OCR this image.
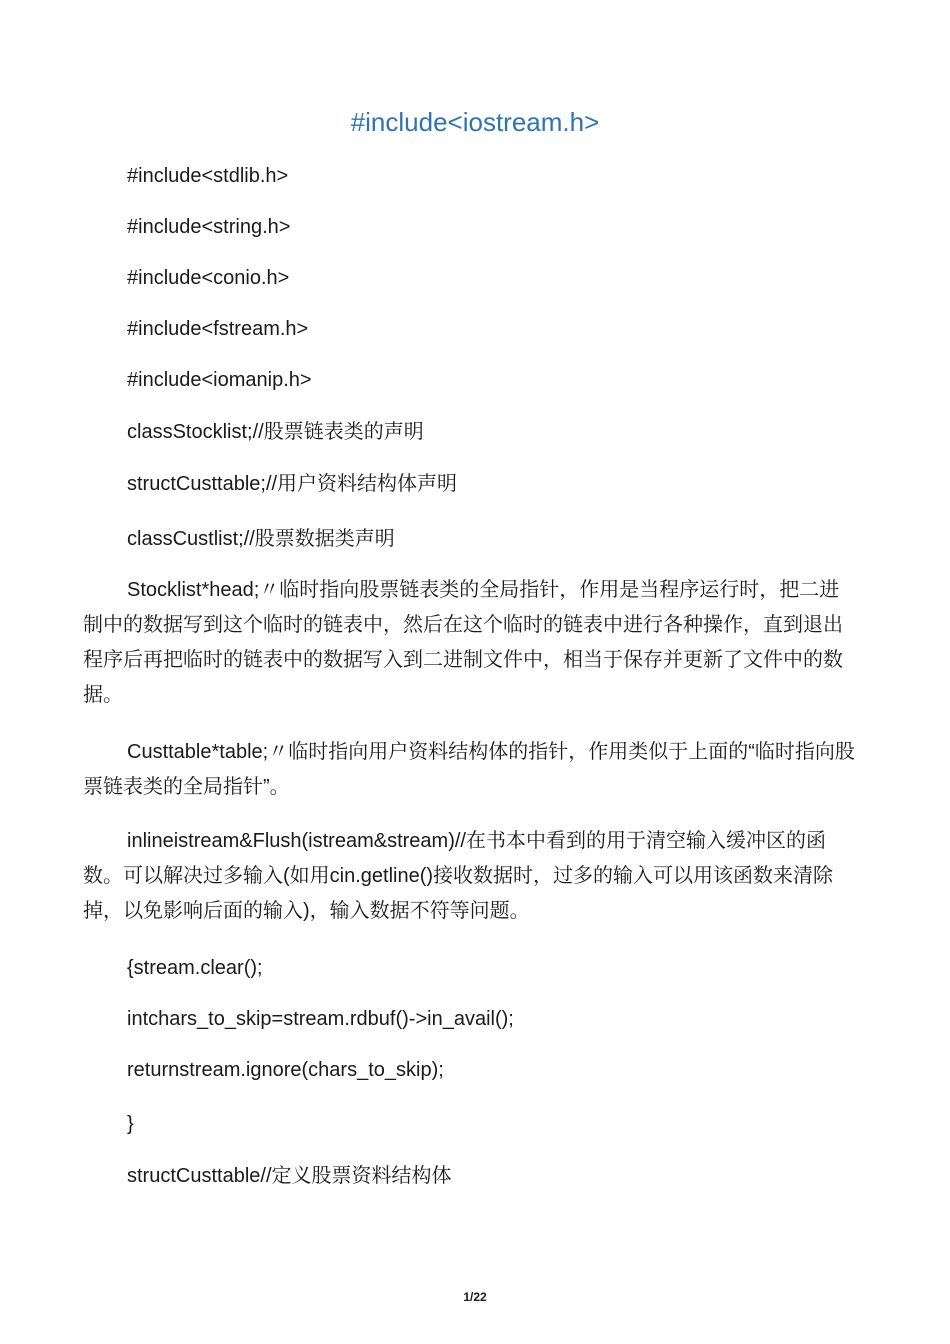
#include<iostream.h>
#include<stdlib.h>
#include<string.h>
#include<conio.h>
#include<fstream.h>
#include<iomanip.h>
classStocklist;//股票链表类的声明
structCusttable;//用户资料结构体声明
classCustlist;//股票数据类声明
Stocklist*head;〃临时指向股票链表类的全局指针，作用是当程序运行时，把二进制中的数据写到这个临时的链表中，然后在这个临时的链表中进行各种操作，直到退出程序后再把临时的链表中的数据写入到二进制文件中，相当于保存并更新了文件中的数据。
Custtable*table;〃临时指向用户资料结构体的指针，作用类似于上面的“临时指向股票链表类的全局指针”。
inlineistream&Flush(istream&stream)//在书本中看到的用于清空输入缓冲区的函数。可以解决过多输入(如用cin.getline()接收数据时，过多的输入可以用该函数来清除掉，以免影响后面的输入)，输入数据不符等问题。
{stream.clear();
intchars_to_skip=stream.rdbuf()->in_avail();
returnstream.ignore(chars_to_skip);
}
structCusttable//定义股票资料结构体
1/22
